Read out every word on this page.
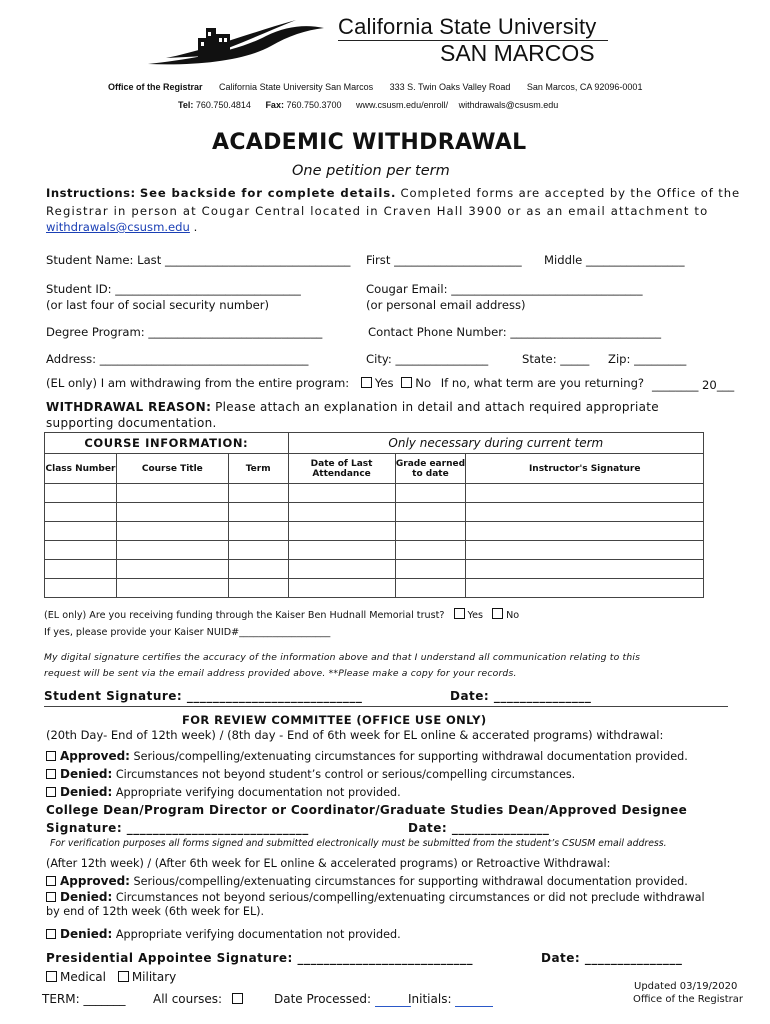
California State University
SAN MARCOS
Office of the Registrar California State University San Marcos 333 S. Twin Oaks Valley Road San Marcos, CA 92096-0001
Tel: 760.750.4814 Fax: 760.750.3700 www.csusm.edu/enroll/ withdrawals@csusm.edu
ACADEMIC WITHDRAWAL
One petition per term
Instructions: See backside for complete details. Completed forms are accepted by the Office of the
Registrar in person at Cougar Central located in Craven Hall 3900 or as an email attachment to
withdrawals@csusm.edu .
Student Name: Last ________________________________ First ______________________ Middle _________________
Student ID: ________________________________
(or last four of social security number)
Cougar Email: _________________________________
(or personal email address)
Degree Program: ______________________________	Contact Phone Number: __________________________
Address: ____________________________________	City: ________________	State: _____ Zip: _________
(EL only) I am withdrawing from the entire program: Yes No If no, what term are you returning? ________ 20___
WITHDRAWAL REASON: Please attach an explanation in detail and attach required appropriate
supporting documentation.
COURSE INFORMATION:			Only necessary during current term		
Class Number	Course Title	Term	Date of Last Attendance	Grade earned to date	Instructor's Signature

(EL only) Are you receiving funding through the Kaiser Ben Hudnall Memorial trust? Yes No
If yes, please provide your Kaiser NUID#___________________
My digital signature certifies the accuracy of the information above and that I understand all communication relating to this
request will be sent via the email address provided above. **Please make a copy for your records.
Student Signature: ___________________________	Date: _______________
FOR REVIEW COMMITTEE (OFFICE USE ONLY)
(20th Day- End of 12th week) / (8th day - End of 6th week for EL online & accerated programs) withdrawal:
Approved: Serious/compelling/extenuating circumstances for supporting withdrawal documentation provided.
Denied: Circumstances not beyond student’s control or serious/compelling circumstances.
Denied: Appropriate verifying documentation not provided.
College Dean/Program Director or Coordinator/Graduate Studies Dean/Approved Designee
Signature: ____________________________	Date: _______________
For verification purposes all forms signed and submitted electronically must be submitted from the student’s CSUSM email address.
(After 12th week) / (After 6th week for EL online & accelerated programs) or Retroactive Withdrawal:
Approved: Serious/compelling/extenuating circumstances for supporting withdrawal documentation provided.
Denied: Circumstances not beyond serious/compelling/extenuating circumstances or did not preclude withdrawal
by end of 12th week (6th week for EL).
Denied: Appropriate verifying documentation not provided.
Presidential Appointee Signature: ___________________________	Date: _______________
Medical Military
TERM: _______ All courses:	Date Processed:	Initials:
Updated 03/19/2020
Office of the Registrar
